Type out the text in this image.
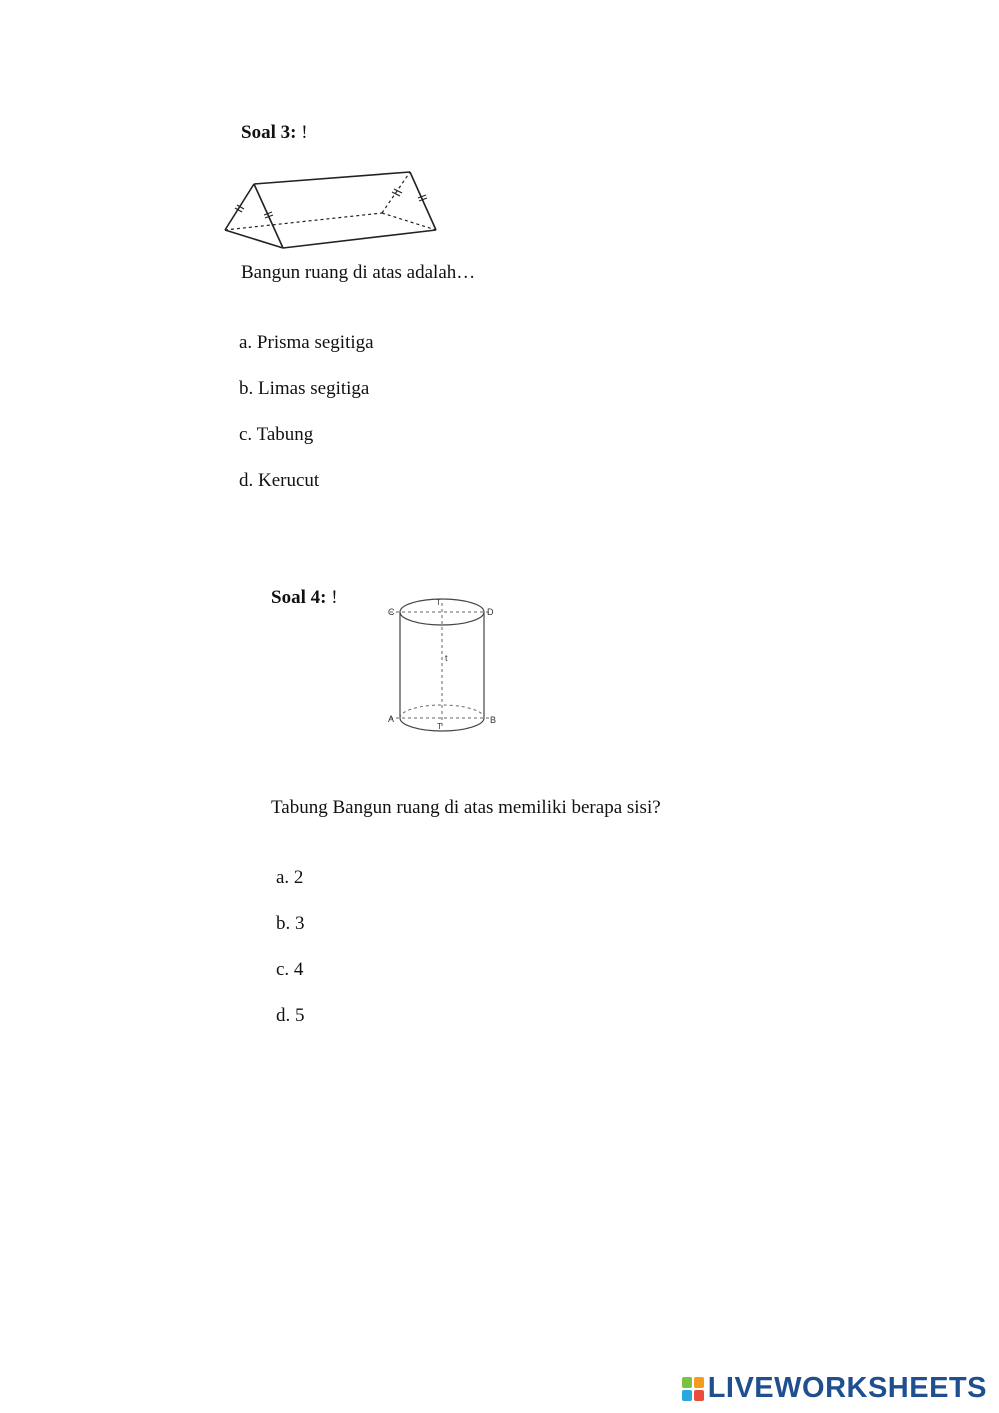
Soal 3: !
Bangun ruang di atas adalah…
a. Prisma segitiga
b. Limas segitiga
c. Tabung
d. Kerucut
Soal 4: !
C	D
A	B
t
T
T
Tabung Bangun ruang di atas memiliki berapa sisi?
a. 2
b. 3
c. 4
d. 5
LIVEWORKSHEETS
